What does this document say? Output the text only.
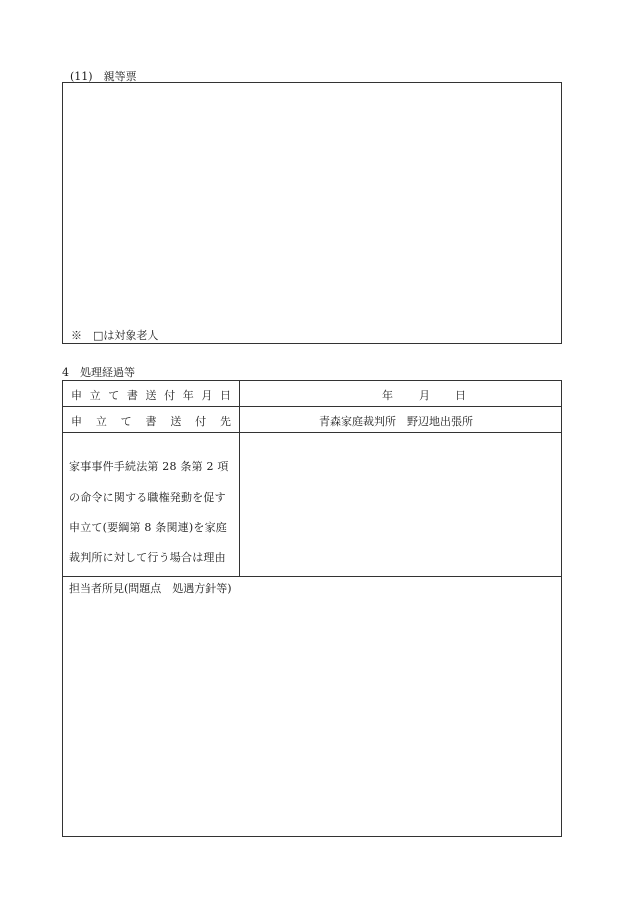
(11)　親等票
※　□は対象老人
4　処理経過等
申 立 て 書 送 付 年 月 日	年 月 日
申 立 て 書 送 付 先	青森家庭裁判所　野辺地出張所
家事事件手続法第 28 条第 2 項
の命令に関する職権発動を促す
申立て(要綱第 8 条関連)を家庭
裁判所に対して行う場合は理由
担当者所見(問題点　処遇方針等)
